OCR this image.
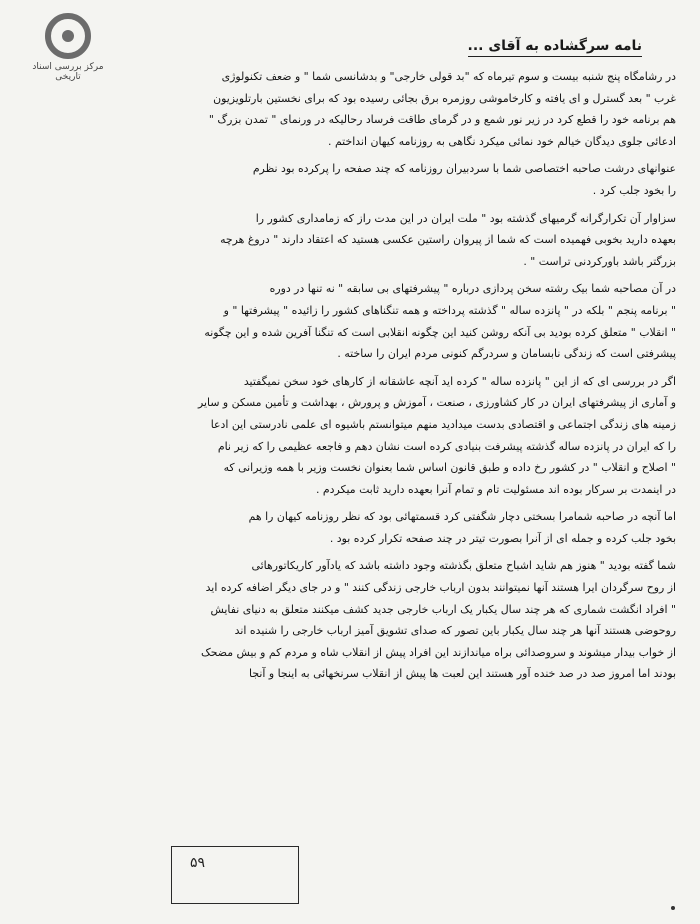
مرکز بررسی اسناد تاریخی
نامه سرگشاده به آقای ...
در رشامگاه پنج شنبه بیست و سوم تیرماه که "بد قولی خارجی" و بدشانسی شما " و ضعف تکنولوژی
غرب " بعد گسترل و ای یافته و کارخاموشی روزمره برق بجائی رسیده بود که برای نخستین بارتلویزیون
هم برنامه خود را قطع کرد در زیر نور شمع و در گرمای طاقت فرساد رحالیکه در ورنمای " تمدن بزرگ "
ادعائی جلوی دیدگان خیالم خود نمائی میکرد نگاهی به روزنامه کیهان انداختم .
عنوانهای درشت صاحبه اختصاصی شما با سردبیران روزنامه که چند صفحه را پرکرده بود نظرم
را بخود جلب کرد .
سزاوار آن تکرارگرانه گرمیهای گذشته بود " ملت ایران در این مدت راز که زمامداری کشور را
بعهده دارید بخوبی فهمیده است که شما از پیروان راستین عکسی هستید که اعتقاد دارند " دروغ هرچه
بزرگتر باشد باورکردنی تراست " .
در آن مصاحبه شما بیک رشته سخن پردازی درباره " پیشرفتهای بی سابقه " نه تنها در دوره
" برنامه پنجم " بلکه در " پانزده ساله " گذشته پرداخته و همه تنگناهای کشور را زائیده " پیشرفتها " و
" انقلاب " متعلق کرده بودید بی آنکه روشن کنید این چگونه انقلابی است که تنگنا آفرین شده و این چگونه
پیشرفتی است که زندگی نابسامان و سردرگم کنونی مردم ایران را ساخته .
اگر در بررسی ای که از این " پانزده ساله " کرده اید آنچه عاشقانه از کارهای خود سخن نمیگفتید
و آماری از پیشرفتهای ایران در کار کشاورزی ، صنعت ، آموزش و پرورش ، بهداشت و تأمین مسکن و سایر
زمینه های زندگی اجتماعی و اقتصادی بدست میدادید منهم میتوانستم باشیوه ای علمی نادرستی این ادعا
را که ایران در پانزده ساله گذشته پیشرفت بنیادی کرده است نشان دهم و فاجعه عظیمی را که زیر نام
" اصلاح و انقلاب " در کشور رخ داده و طبق قانون اساس شما بعنوان نخست وزیر با همه وزیرانی که
در اینمدت بر سرکار بوده اند مسئولیت تام و تمام آنرا بعهده دارید ثابت میکردم .
اما آنچه در صاحبه شمامرا بسختی دچار شگفتی کرد قسمتهائی بود که نظر روزنامه کیهان را هم
بخود جلب کرده و جمله ای از آنرا بصورت تیتر در چند صفحه تکرار کرده بود .
شما گفته بودید " هنوز هم شاید اشباح متعلق بگذشته وجود داشته باشد که یادآور کاریکاتورهائی
از روح سرگردان ایرا هستند آنها نمیتوانند بدون ارباب خارجی زندگی کنند " و در جای دیگر اضافه کرده اید
" افراد انگشت شماری که هر چند سال یکبار یک ارباب خارجی جدید کشف میکنند متعلق به دنیای نفایش
روحوضی هستند آنها هر چند سال یکبار باین تصور که صدای تشویق آمیز ارباب خارجی را شنیده اند
از خواب بیدار میشوند و سروصدائی براه میاندازند این افراد پیش از انقلاب شاه و مردم کم و بیش مضحک
بودند اما امروز صد در صد خنده آور هستند این لعبت ها پیش از انقلاب سرنخهائی به اینجا و آنجا
۵۹
